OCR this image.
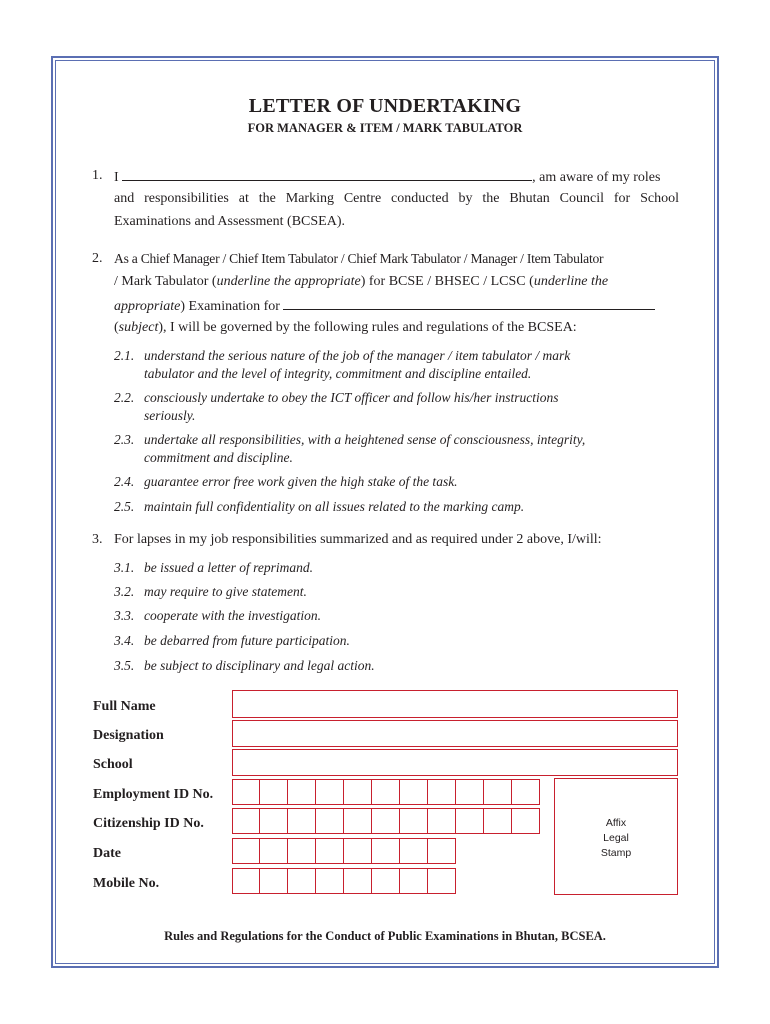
LETTER OF UNDERTAKING
FOR MANAGER & ITEM / MARK TABULATOR
1. I	, am aware of my roles
and responsibilities at the Marking Centre conducted by the Bhutan Council for School
Examinations and Assessment (BCSEA).
2. As a Chief Manager / Chief Item Tabulator / Chief Mark Tabulator / Manager / Item Tabulator
/ Mark Tabulator (underline the appropriate) for BCSE / BHSEC / LCSC (underline the
appropriate) Examination for
(subject), I will be governed by the following rules and regulations of the BCSEA:
2.1. understand the serious nature of the job of the manager / item tabulator / mark
tabulator and the level of integrity, commitment and discipline entailed.
2.2. consciously undertake to obey the ICT officer and follow his/her instructions
seriously.
2.3. undertake all responsibilities, with a heightened sense of consciousness, integrity,
commitment and discipline.
2.4. guarantee error free work given the high stake of the task.
2.5. maintain full confidentiality on all issues related to the marking camp.
3. For lapses in my job responsibilities summarized and as required under 2 above, I/will:
3.1. be issued a letter of reprimand.
3.2. may require to give statement.
3.3. cooperate with the investigation.
3.4. be debarred from future participation.
3.5. be subject to disciplinary and legal action.
Full Name
Designation
School
Employment ID No.
Citizenship ID No.
Date
Mobile No.
Affix
Legal
Stamp
Rules and Regulations for the Conduct of Public Examinations in Bhutan, BCSEA.
